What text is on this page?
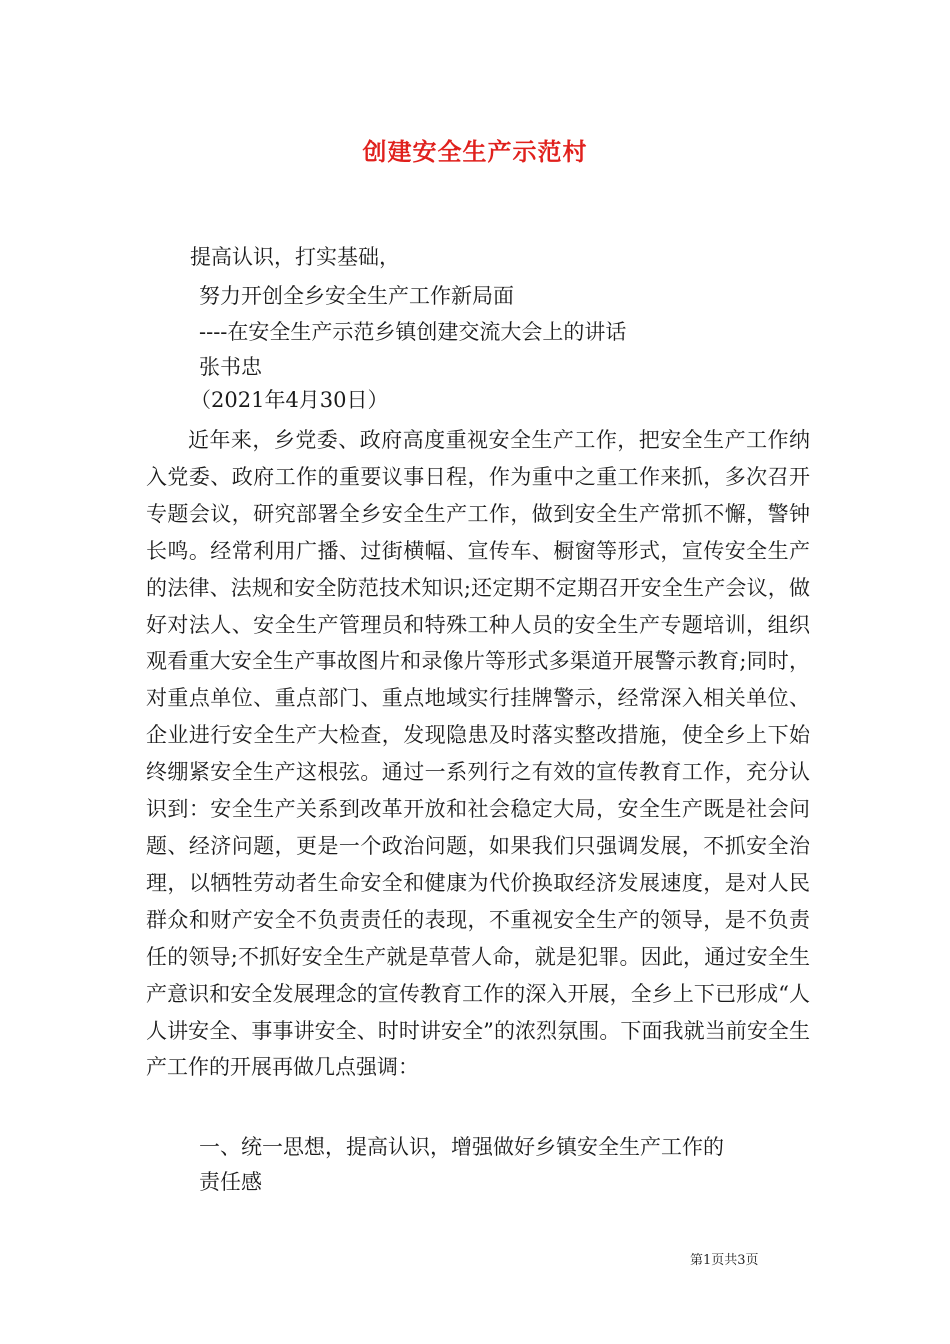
创建安全生产示范村
提高认识，打实基础，
努力开创全乡安全生产工作新局面
----在安全生产示范乡镇创建交流大会上的讲话
张书忠
（2021年4月30日）

近年来，乡党委、政府高度重视安全生产工作，把安全生产工作纳入党委、政府工作的重要议事日程，作为重中之重工作来抓，多次召开专题会议，研究部署全乡安全生产工作，做到安全生产常抓不懈，警钟长鸣。经常利用广播、过街横幅、宣传车、橱窗等形式，宣传安全生产的法律、法规和安全防范技术知识;还定期不定期召开安全生产会议，做好对法人、安全生产管理员和特殊工种人员的安全生产专题培训，组织观看重大安全生产事故图片和录像片等形式多渠道开展警示教育;同时，对重点单位、重点部门、重点地域实行挂牌警示，经常深入相关单位、企业进行安全生产大检查，发现隐患及时落实整改措施，使全乡上下始终绷紧安全生产这根弦。通过一系列行之有效的宣传教育工作，充分认识到：安全生产关系到改革开放和社会稳定大局，安全生产既是社会问题、经济问题，更是一个政治问题，如果我们只强调发展，不抓安全治理，以牺牲劳动者生命安全和健康为代价换取经济发展速度，是对人民群众和财产安全不负责责任的表现，不重视安全生产的领导，是不负责任的领导;不抓好安全生产就是草菅人命，就是犯罪。因此，通过安全生产意识和安全发展理念的宣传教育工作的深入开展，全乡上下已形成“人人讲安全、事事讲安全、时时讲安全”的浓烈氛围。下面我就当前安全生产工作的开展再做几点强调：

一、统一思想，提高认识，增强做好乡镇安全生产工作的
责任感
第1页共3页
